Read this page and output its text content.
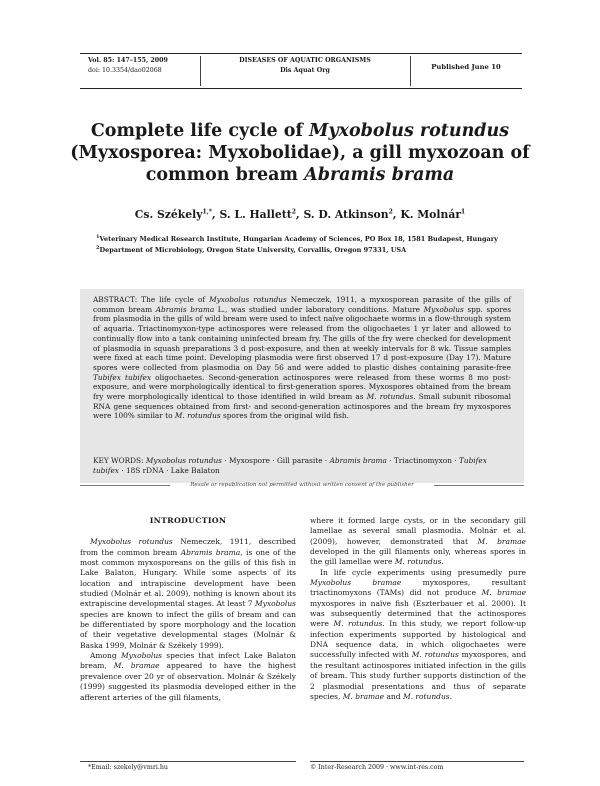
Vol. 85: 147–155, 2009
doi: 10.3354/dao02068
DISEASES OF AQUATIC ORGANISMS
Dis Aquat Org	Published June 10
Complete life cycle of Myxobolus rotundus
(Myxosporea: Myxobolidae), a gill myxozoan of
common bream Abramis brama
Cs. Székely$^{1,*}$, S. L. Hallett$^2$, S. D. Atkinson$^2$, K. Molnár$^1$
$^1$Veterinary Medical Research Institute, Hungarian Academy of Sciences, PO Box 18, 1581 Budapest, Hungary
$^2$Department of Microbiology, Oregon State University, Corvallis, Oregon 97331, USA
ABSTRACT: The life cycle of Myxobolus rotundus Nemeczek, 1911, a myxosporean parasite of the gills of common bream Abramis brama L., was studied under laboratory conditions. Mature Myxobolus spp. spores from plasmodia in the gills of wild bream were used to infect naïve oligochaete worms in a flow-through system of aquaria. Triactinomyxon-type actinospores were released from the oligochaetes 1 yr later and allowed to continually flow into a tank containing uninfected bream fry. The gills of the fry were checked for development of plasmodia in squash preparations 3 d post-exposure, and then at weekly intervals for 8 wk. Tissue samples were fixed at each time point. Developing plasmodia were first observed 17 d post-exposure (Day 17). Mature spores were collected from plasmodia on Day 56 and were added to plastic dishes containing parasite-free Tubifex tubifex oligochaetes. Second-generation actinospores were released from these worms 8 mo post-exposure, and were morphologically identical to first-generation spores. Myxospores obtained from the bream fry were morphologically identical to those identified in wild bream as M. rotundus. Small subunit ribosomal RNA gene sequences obtained from first- and second-generation actinospores and the bream fry myxospores were 100% similar to M. rotundus spores from the original wild fish.
KEY WORDS: Myxobolus rotundus · Myxospore · Gill parasite · Abramis brama · Triactinomyxon · Tubifex tubifex · 18S rDNA · Lake Balaton
Resale or republication not permitted without written consent of the publisher

INTRODUCTION

Myxobolus rotundus Nemeczek, 1911, described from the common bream Abramis brama, is one of the most common myxosporeans on the gills of this fish in Lake Balaton, Hungary. While some aspects of its location and intrapiscine development have been studied (Molnár et al. 2009), nothing is known about its extrapiscine developmental stages. At least 7 Myxobolus species are known to infect the gills of bream and can be differentiated by spore morphology and the location of their vegetative developmental stages (Molnár & Baska 1999, Molnár & Székely 1999).

Among Myxobolus species that infect Lake Balaton bream, M. bramae appeared to have the highest prevalence over 20 yr of observation. Molnár & Székely (1999) suggested its plasmodia developed either in the afferent arteries of the gill filaments,

where it formed large cysts, or in the secondary gill lamellae as several small plasmodia. Molnár et al. (2009), however, demonstrated that M. bramae developed in the gill filaments only, whereas spores in the gill lamellae were M. rotundus.

In life cycle experiments using presumedly pure Myxobolus bramae myxospores, resultant triactinomyxons (TAMs) did not produce M. bramae myxospores in naïve fish (Eszterbauer et al. 2000). It was subsequently determined that the actinospores were M. rotundus. In this study, we report follow-up infection experiments supported by histological and DNA sequence data, in which oligochaetes were successfully infected with M. rotundus myxospores, and the resultant actinospores initiated infection in the gills of bream. This study further supports distinction of the 2 plasmodial presentations and thus of separate species, M. bramae and M. rotundus.

*Email: szekely@vmri.hu	© Inter-Research 2009 · www.int-res.com
